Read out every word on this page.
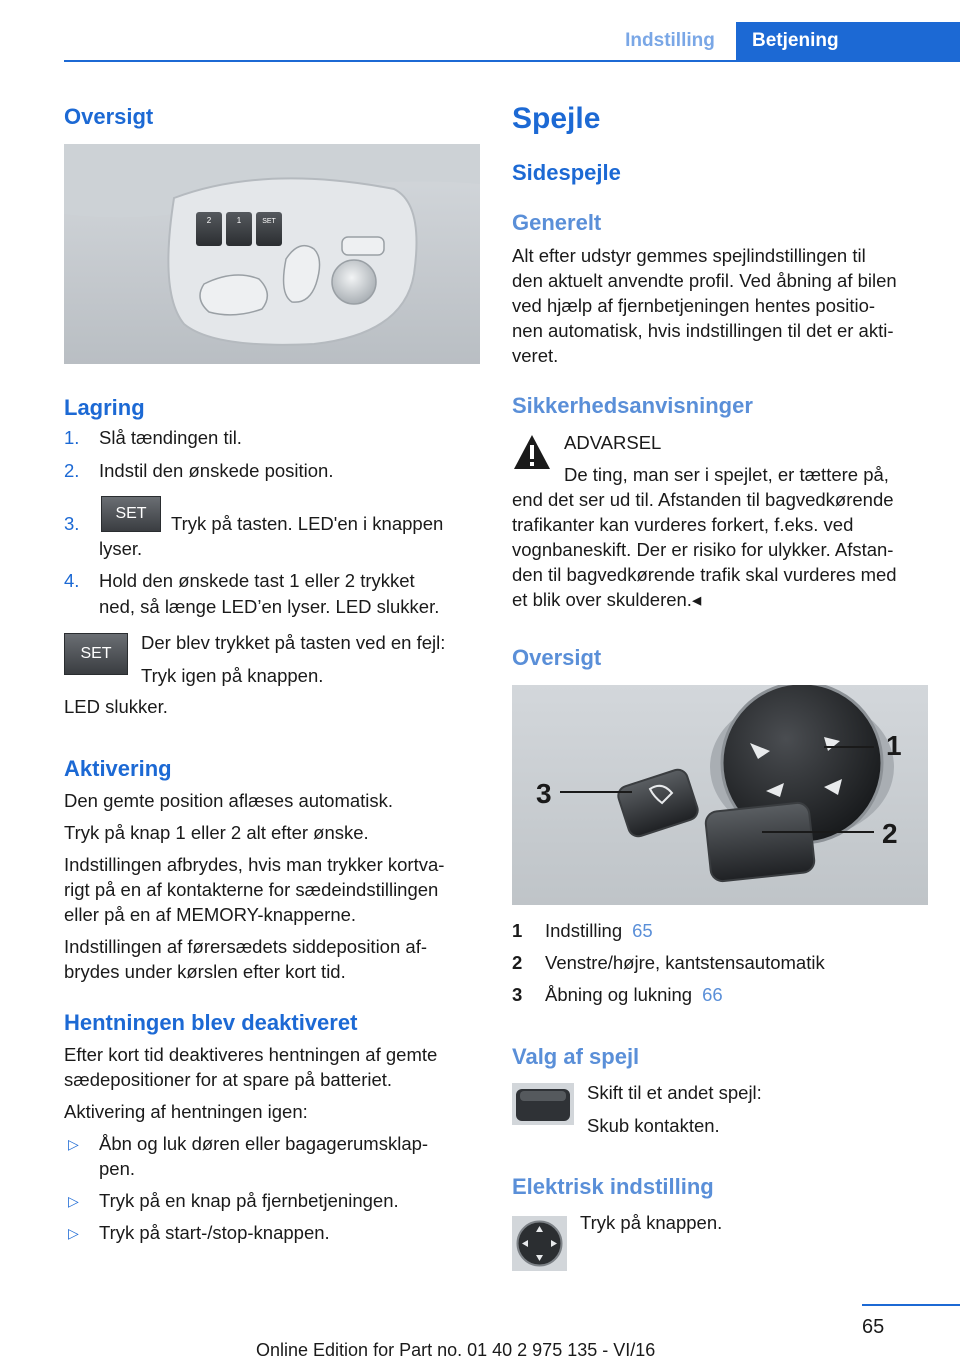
Indstilling	Betjening
Oversigt
2	1	SET
Lagring
1. Slå tændingen til.
2. Indstil den ønskede position.
3.	SET	Tryk på tasten. LED'en i knappen
lyser.
4. Hold den ønskede tast 1 eller 2 trykket
ned, så længe LED’en lyser. LED slukker.
SET
Der blev trykket på tasten ved en fejl:
Tryk igen på knappen.
LED slukker.
Aktivering
Den gemte position aflæses automatisk.
Tryk på knap 1 eller 2 alt efter ønske.
Indstillingen afbrydes, hvis man trykker kortva-
rigt på en af kontakterne for sædeindstillingen
eller på en af MEMORY-knapperne.
Indstillingen af førersædets siddeposition af-
brydes under kørslen efter kort tid.
Hentningen blev deaktiveret
Efter kort tid deaktiveres hentningen af gemte
sædepositioner for at spare på batteriet.
Aktivering af hentningen igen:
▷ Åbn og luk døren eller bagagerumsklap-
pen.
▷ Tryk på en knap på fjernbetjeningen.
▷ Tryk på start-/stop-knappen.
Spejle
Sidespejle
Generelt
Alt efter udstyr gemmes spejlindstillingen til
den aktuelt anvendte profil. Ved åbning af bilen
ved hjælp af fjernbetjeningen hentes positio-
nen automatisk, hvis indstillingen til det er akti-
veret.
Sikkerhedsanvisninger
ADVARSEL
De ting, man ser i spejlet, er tættere på,
end det ser ud til. Afstanden til bagvedkørende
trafikanter kan vurderes forkert, f.eks. ved
vognbaneskift. Der er risiko for ulykker. Afstan-
den til bagvedkørende trafik skal vurderes med
et blik over skulderen.◂
Oversigt
1
2
3
1 Indstilling 65
2 Venstre/højre, kantstensautomatik
3 Åbning og lukning 66
Valg af spejl
Skift til et andet spejl:
Skub kontakten.
Elektrisk indstilling
Tryk på knappen.
65
Online Edition for Part no. 01 40 2 975 135 - VI/16
